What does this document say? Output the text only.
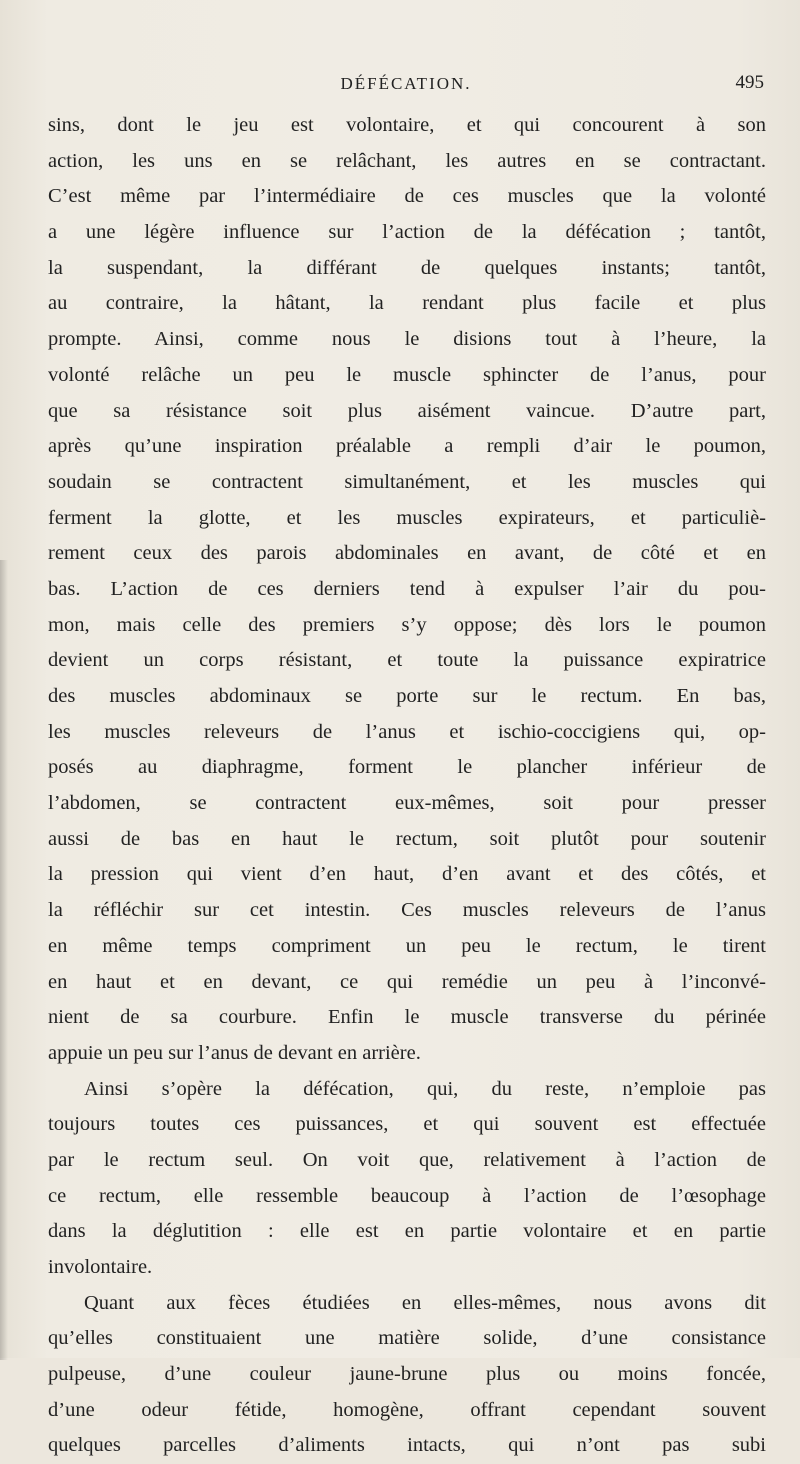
DÉFÉCATION.	495
sins, dont le jeu est volontaire, et qui concourent à son
action, les uns en se relâchant, les autres en se contractant.
C’est même par l’intermédiaire de ces muscles que la volonté
a une légère influence sur l’action de la défécation ; tantôt,
la suspendant, la différant de quelques instants; tantôt,
au contraire, la hâtant, la rendant plus facile et plus
prompte. Ainsi, comme nous le disions tout à l’heure, la
volonté relâche un peu le muscle sphincter de l’anus, pour
que sa résistance soit plus aisément vaincue. D’autre part,
après qu’une inspiration préalable a rempli d’air le poumon,
soudain se contractent simultanément, et les muscles qui
ferment la glotte, et les muscles expirateurs, et particuliè-
rement ceux des parois abdominales en avant, de côté et en
bas. L’action de ces derniers tend à expulser l’air du pou-
mon, mais celle des premiers s’y oppose; dès lors le poumon
devient un corps résistant, et toute la puissance expiratrice
des muscles abdominaux se porte sur le rectum. En bas,
les muscles releveurs de l’anus et ischio-coccigiens qui, op-
posés au diaphragme, forment le plancher inférieur de
l’abdomen, se contractent eux-mêmes, soit pour presser
aussi de bas en haut le rectum, soit plutôt pour soutenir
la pression qui vient d’en haut, d’en avant et des côtés, et
la réfléchir sur cet intestin. Ces muscles releveurs de l’anus
en même temps compriment un peu le rectum, le tirent
en haut et en devant, ce qui remédie un peu à l’inconvé-
nient de sa courbure. Enfin le muscle transverse du périnée
appuie un peu sur l’anus de devant en arrière.
Ainsi s’opère la défécation, qui, du reste, n’emploie pas
toujours toutes ces puissances, et qui souvent est effectuée
par le rectum seul. On voit que, relativement à l’action de
ce rectum, elle ressemble beaucoup à l’action de l’œsophage
dans la déglutition : elle est en partie volontaire et en partie
involontaire.
Quant aux fèces étudiées en elles-mêmes, nous avons dit
qu’elles constituaient une matière solide, d’une consistance
pulpeuse, d’une couleur jaune-brune plus ou moins foncée,
d’une odeur fétide, homogène, offrant cependant souvent
quelques parcelles d’aliments intacts, qui n’ont pas subi
